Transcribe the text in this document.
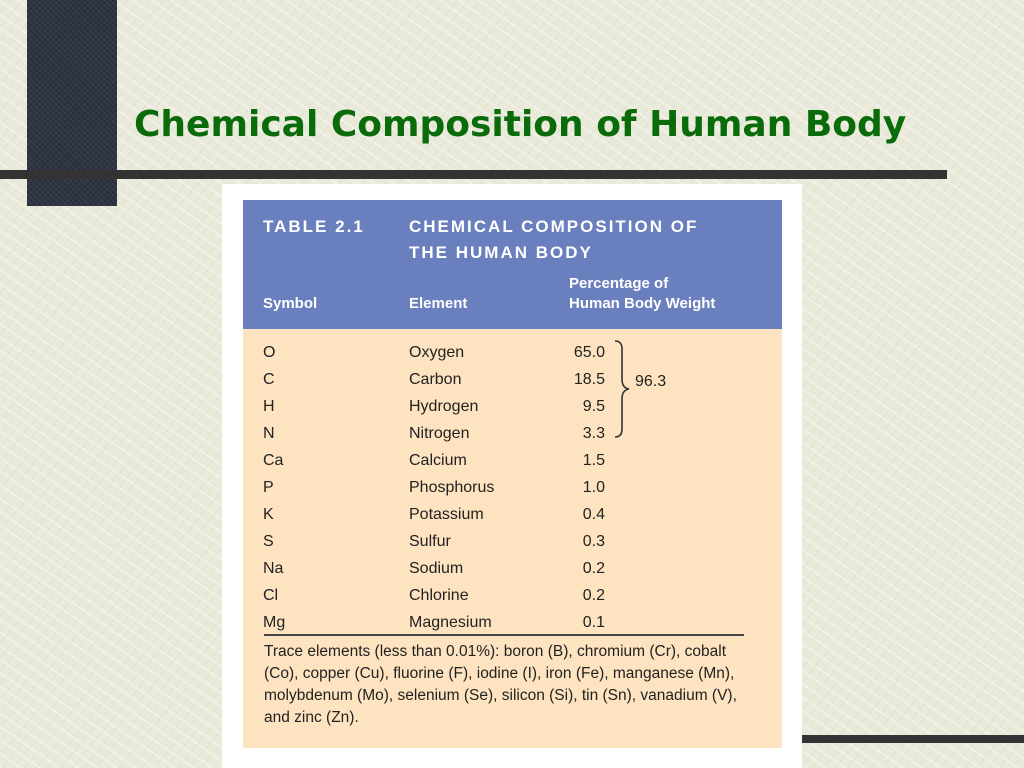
Chemical Composition of Human Body
TABLE 2.1	CHEMICAL COMPOSITION OF
THE HUMAN BODY
Symbol	Element
Percentage of
Human Body Weight
O	Oxygen	65.0
C	Carbon	18.5
H	Hydrogen	9.5
N	Nitrogen	3.3
Ca	Calcium	1.5
P	Phosphorus	1.0
K	Potassium	0.4
S	Sulfur	0.3
Na	Sodium	0.2
Cl	Chlorine	0.2
Mg	Magnesium	0.1
96.3

Trace elements (less than 0.01%): boron (B), chromium (Cr), cobalt (Co), copper (Cu), fluorine (F), iodine (I), iron (Fe), manganese (Mn), molybdenum (Mo), selenium (Se), silicon (Si), tin (Sn), vanadium (V), and zinc (Zn).
